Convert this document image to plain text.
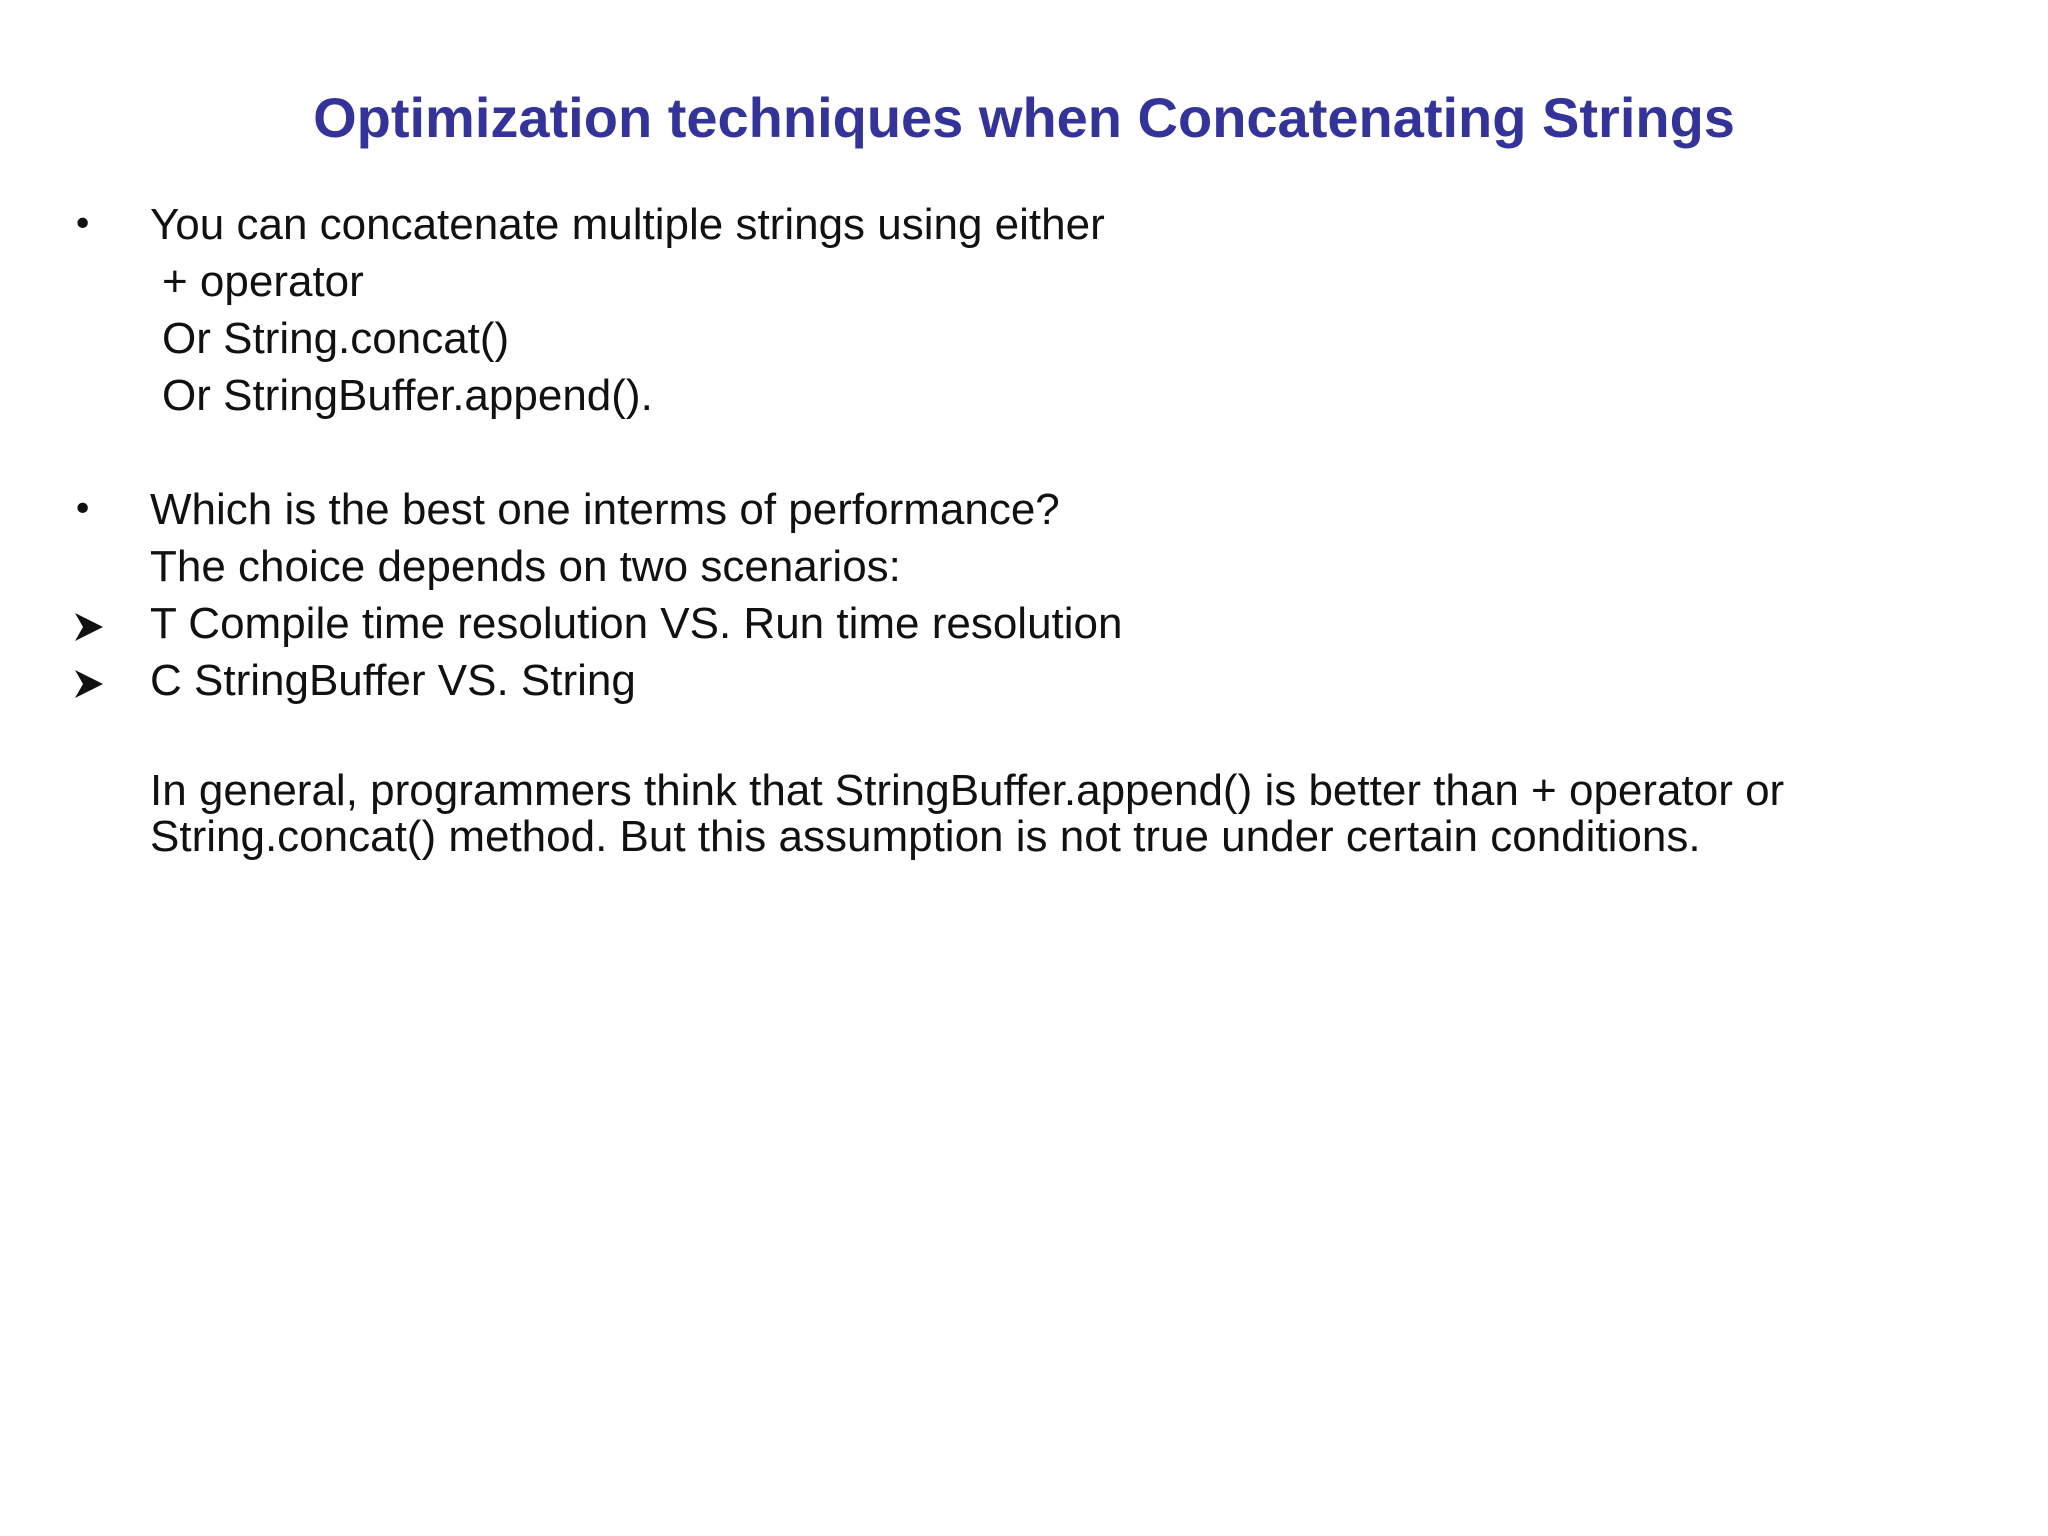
Optimization techniques when Concatenating Strings
• You can concatenate multiple strings using either
+ operator
Or String.concat()
Or StringBuffer.append().
• Which is the best one interms of performance?
The choice depends on two scenarios:
T Compile time resolution VS. Run time resolution
C StringBuffer VS. String
In general, programmers think that StringBuffer.append() is better than + operator or
String.concat() method. But this assumption is not true under certain conditions.
